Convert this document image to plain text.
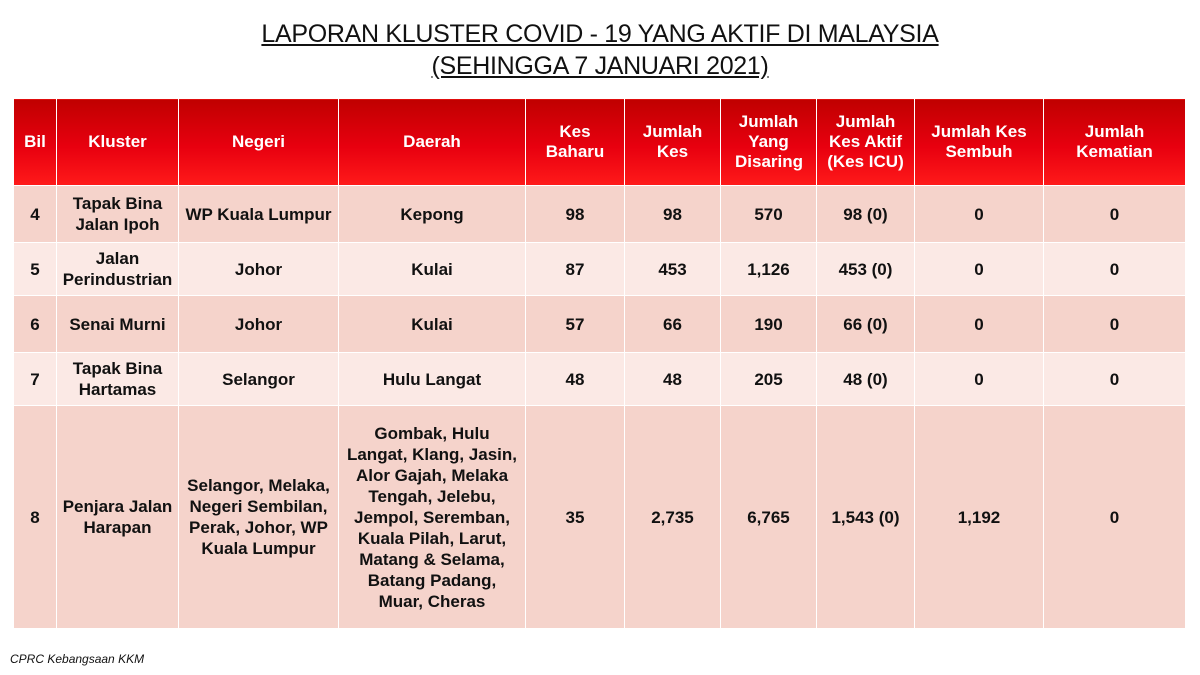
LAPORAN KLUSTER COVID - 19 YANG AKTIF DI MALAYSIA
(SEHINGGA 7 JANUARI 2021)
Bil	Kluster	Negeri	Daerah	Kes Baharu	Jumlah Kes	Jumlah Yang Disaring	Jumlah Kes Aktif (Kes ICU)	Jumlah Kes Sembuh	Jumlah Kematian
4	Tapak Bina Jalan Ipoh	WP Kuala Lumpur	Kepong	98	98	570	98 (0)	0	0
5	Jalan Perindustrian	Johor	Kulai	87	453	1,126	453 (0)	0	0
6	Senai Murni	Johor	Kulai	57	66	190	66 (0)	0	0
7	Tapak Bina Hartamas	Selangor	Hulu Langat	48	48	205	48 (0)	0	0
8	Penjara Jalan Harapan	Selangor, Melaka, Negeri Sembilan, Perak, Johor, WP Kuala Lumpur	Gombak, Hulu Langat, Klang, Jasin, Alor Gajah, Melaka Tengah, Jelebu, Jempol, Seremban, Kuala Pilah, Larut, Matang & Selama, Batang Padang, Muar, Cheras	35	2,735	6,765	1,543 (0)	1,192	0
CPRC Kebangsaan KKM
